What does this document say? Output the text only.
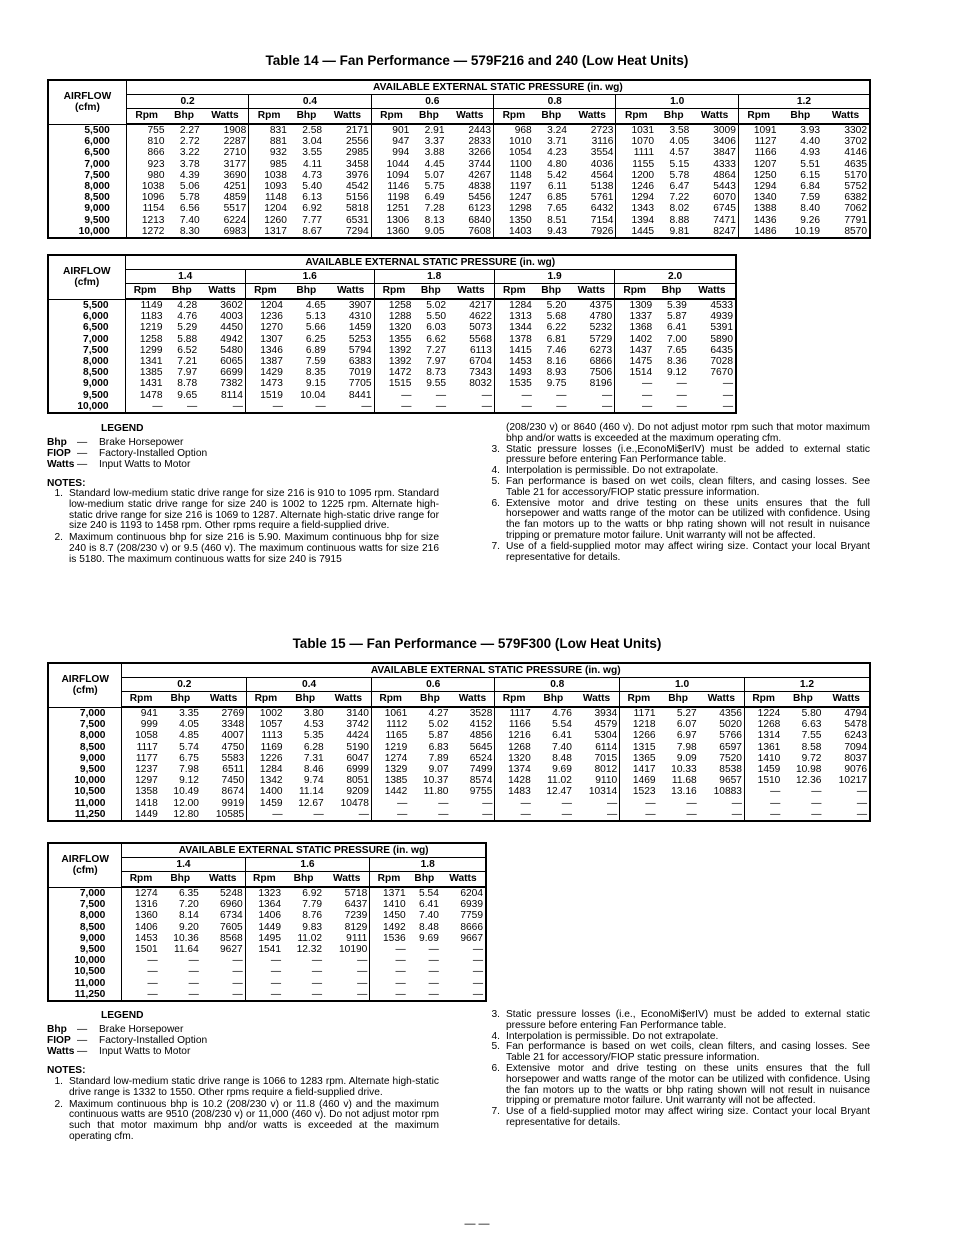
Table 14 — Fan Performance — 579F216 and 240 (Low Heat Units)
AIRFLOW
(cfm)	AVAILABLE EXTERNAL STATIC PRESSURE (in. wg)																	
	0.2			0.4			0.6			0.8			1.0			1.2		
	Rpm	Bhp	Watts	Rpm	Bhp	Watts	Rpm	Bhp	Watts	Rpm	Bhp	Watts	Rpm	Bhp	Watts	Rpm	Bhp	Watts
5,500	755	2.27	1908	831	2.58	2171	901	2.91	2443	968	3.24	2723	1031	3.58	3009	1091	3.93	3302
6,000	810	2.72	2287	881	3.04	2556	947	3.37	2833	1010	3.71	3116	1070	4.05	3406	1127	4.40	3702
6,500	866	3.22	2710	932	3.55	2985	994	3.88	3266	1054	4.23	3554	1111	4.57	3847	1166	4.93	4146
7,000	923	3.78	3177	985	4.11	3458	1044	4.45	3744	1100	4.80	4036	1155	5.15	4333	1207	5.51	4635
7,500	980	4.39	3690	1038	4.73	3976	1094	5.07	4267	1148	5.42	4564	1200	5.78	4864	1250	6.15	5170
8,000	1038	5.06	4251	1093	5.40	4542	1146	5.75	4838	1197	6.11	5138	1246	6.47	5443	1294	6.84	5752
8,500	1096	5.78	4859	1148	6.13	5156	1198	6.49	5456	1247	6.85	5761	1294	7.22	6070	1340	7.59	6382
9,000	1154	6.56	5517	1204	6.92	5818	1251	7.28	6123	1298	7.65	6432	1343	8.02	6745	1388	8.40	7062
9,500	1213	7.40	6224	1260	7.77	6531	1306	8.13	6840	1350	8.51	7154	1394	8.88	7471	1436	9.26	7791
10,000	1272	8.30	6983	1317	8.67	7294	1360	9.05	7608	1403	9.43	7926	1445	9.81	8247	1486	10.19	8570
AIRFLOW
(cfm)	AVAILABLE EXTERNAL STATIC PRESSURE (in. wg)														
	1.4			1.6			1.8			1.9			2.0		
	Rpm	Bhp	Watts	Rpm	Bhp	Watts	Rpm	Bhp	Watts	Rpm	Bhp	Watts	Rpm	Bhp	Watts
5,500	1149	4.28	3602	1204	4.65	3907	1258	5.02	4217	1284	5.20	4375	1309	5.39	4533
6,000	1183	4.76	4003	1236	5.13	4310	1288	5.50	4622	1313	5.68	4780	1337	5.87	4939
6,500	1219	5.29	4450	1270	5.66	1459	1320	6.03	5073	1344	6.22	5232	1368	6.41	5391
7,000	1258	5.88	4942	1307	6.25	5253	1355	6.62	5568	1378	6.81	5729	1402	7.00	5890
7,500	1299	6.52	5480	1346	6.89	5794	1392	7.27	6113	1415	7.46	6273	1437	7.65	6435
8,000	1341	7.21	6065	1387	7.59	6383	1392	7.97	6704	1453	8.16	6866	1475	8.36	7028
8,500	1385	7.97	6699	1429	8.35	7019	1472	8.73	7343	1493	8.93	7506	1514	9.12	7670
9,000	1431	8.78	7382	1473	9.15	7705	1515	9.55	8032	1535	9.75	8196	—	—	—
9,500	1478	9.65	8114	1519	10.04	8441	—	—	—	—	—	—	—	—	—
10,000	—	—	—	—	—	—	—	—	—	—	—	—	—	—	—
LEGEND
Bhp —	Brake Horsepower
FIOP —	Factory-Installed Option
Watts —	Input Watts to Motor
NOTES:
1. Standard low-medium static drive range for size 216 is 910 to 1095 rpm. Standard low-medium static drive range for size 240 is 1002 to 1225 rpm. Alternate high-static drive range for size 216 is 1069 to 1287. Alternate high-static drive range for size 240 is 1193 to 1458 rpm. Other rpms require a field-supplied drive.
2. Maximum continuous bhp for size 216 is 5.90. Maximum continuous bhp for size 240 is 8.7 (208/230 v) or 9.5 (460 v). The maximum continuous watts for size 216 is 5180. The maximum continuous watts for size 240 is 7915
(208/230 v) or 8640 (460 v). Do not adjust motor rpm such that motor maximum bhp and/or watts is exceeded at the maximum operating cfm.
3. Static pressure losses (i.e.,EconoMi$erIV) must be added to external static pressure before entering Fan Performance table.
4. Interpolation is permissible. Do not extrapolate.
5. Fan performance is based on wet coils, clean filters, and casing losses. See Table 21 for accessory/FIOP static pressure information.
6. Extensive motor and drive testing on these units ensures that the full horsepower and watts range of the motor can be utilized with confidence. Using the fan motors up to the watts or bhp rating shown will not result in nuisance tripping or premature motor failure. Unit warranty will not be affected.
7. Use of a field-supplied motor may affect wiring size. Contact your local Bryant representative for details.
Table 15 — Fan Performance — 579F300 (Low Heat Units)
AIRFLOW
(cfm)	AVAILABLE EXTERNAL STATIC PRESSURE (in. wg)																	
	0.2			0.4			0.6			0.8			1.0			1.2		
	Rpm	Bhp	Watts	Rpm	Bhp	Watts	Rpm	Bhp	Watts	Rpm	Bhp	Watts	Rpm	Bhp	Watts	Rpm	Bhp	Watts
7,000	941	3.35	2769	1002	3.80	3140	1061	4.27	3528	1117	4.76	3934	1171	5.27	4356	1224	5.80	4794
7,500	999	4.05	3348	1057	4.53	3742	1112	5.02	4152	1166	5.54	4579	1218	6.07	5020	1268	6.63	5478
8,000	1058	4.85	4007	1113	5.35	4424	1165	5.87	4856	1216	6.41	5304	1266	6.97	5766	1314	7.55	6243
8,500	1117	5.74	4750	1169	6.28	5190	1219	6.83	5645	1268	7.40	6114	1315	7.98	6597	1361	8.58	7094
9,000	1177	6.75	5583	1226	7.31	6047	1274	7.89	6524	1320	8.48	7015	1365	9.09	7520	1410	9.72	8037
9,500	1237	7.98	6511	1284	8.46	6999	1329	9.07	7499	1374	9.69	8012	1417	10.33	8538	1459	10.98	9076
10,000	1297	9.12	7450	1342	9.74	8051	1385	10.37	8574	1428	11.02	9110	1469	11.68	9657	1510	12.36	10217
10,500	1358	10.49	8674	1400	11.14	9209	1442	11.80	9755	1483	12.47	10314	1523	13.16	10883	—	—	—
11,000	1418	12.00	9919	1459	12.67	10478	—	—	—	—	—	—	—	—	—	—	—	—
11,250	1449	12.80	10585	—	—	—	—	—	—	—	—	—	—	—	—	—	—	—
AIRFLOW
(cfm)	AVAILABLE EXTERNAL STATIC PRESSURE (in. wg)								
	1.4			1.6			1.8		
	Rpm	Bhp	Watts	Rpm	Bhp	Watts	Rpm	Bhp	Watts
7,000	1274	6.35	5248	1323	6.92	5718	1371	5.54	6204
7,500	1316	7.20	6960	1364	7.79	6437	1410	6.41	6939
8,000	1360	8.14	6734	1406	8.76	7239	1450	7.40	7759
8,500	1406	9.20	7605	1449	9.83	8129	1492	8.48	8666
9,000	1453	10.36	8568	1495	11.02	9111	1536	9.69	9667
9,500	1501	11.64	9627	1541	12.32	10190	—	—	—
10,000	—	—	—	—	—	—	—	—	—
10,500	—	—	—	—	—	—	—	—	—
11,000	—	—	—	—	—	—	—	—	—
11,250	—	—	—	—	—	—	—	—	—
LEGEND
Bhp —	Brake Horsepower
FIOP —	Factory-Installed Option
Watts —	Input Watts to Motor
NOTES:
1. Standard low-medium static drive range is 1066 to 1283 rpm. Alternate high-static drive range is 1332 to 1550. Other rpms require a field-supplied drive.
2. Maximum continuous bhp is 10.2 (208/230 v) or 11.8 (460 v) and the maximum continuous watts are 9510 (208/230 v) or 11,000 (460 v). Do not adjust motor rpm such that motor maximum bhp and/or watts is exceeded at the maximum operating cfm.
3. Static pressure losses (i.e., EconoMi$erIV) must be added to external static pressure before entering Fan Performance table.
4. Interpolation is permissible. Do not extrapolate.
5. Fan performance is based on wet coils, clean filters, and casing losses. See Table 21 for accessory/FIOP static pressure information.
6. Extensive motor and drive testing on these units ensures that the full horsepower and watts range of the motor can be utilized with confidence. Using the fan motors up to the watts or bhp rating shown will not result in nuisance tripping or premature motor failure. Unit warranty will not be affected.
7. Use of a field-supplied motor may affect wiring size. Contact your local Bryant representative for details.
— —
